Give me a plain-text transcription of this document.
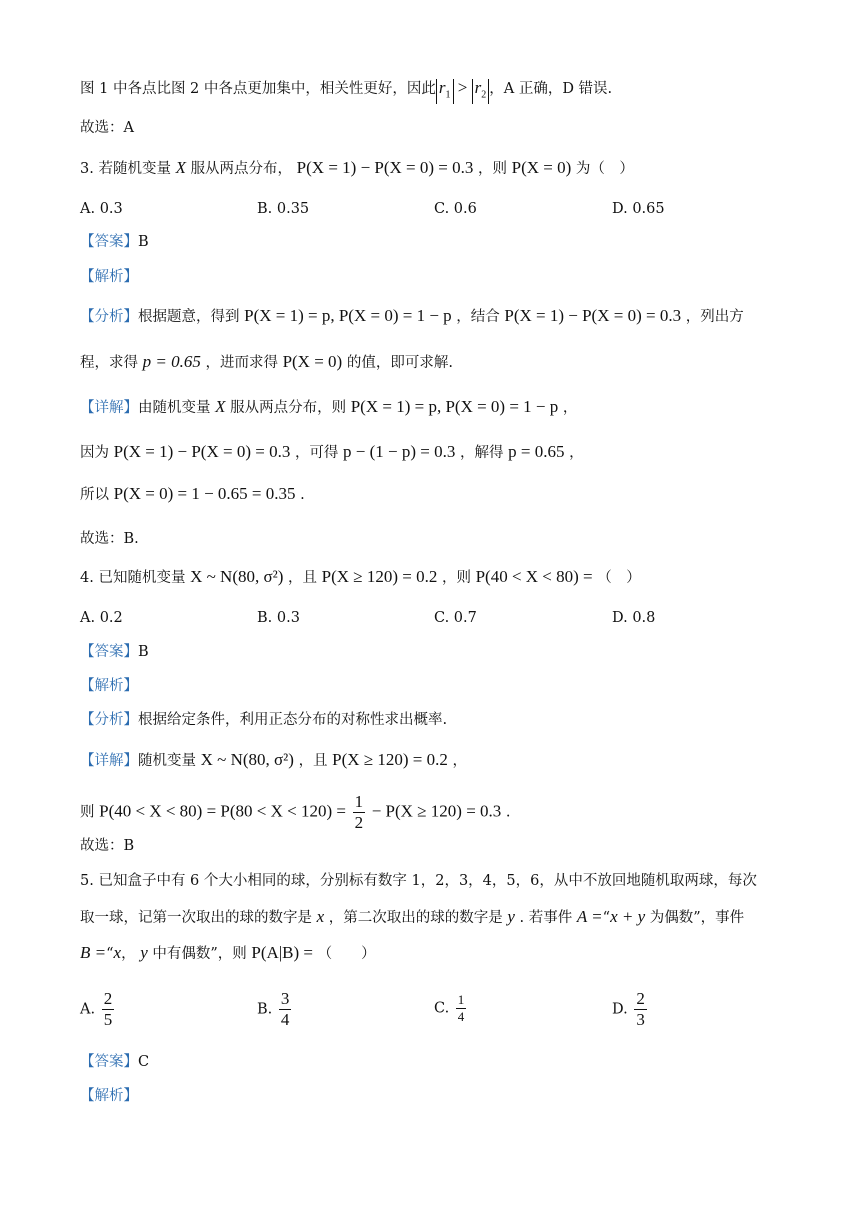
图 1 中各点比图 2 中各点更加集中，相关性更好，因此 $r_1 > r_2$ ，A 正确，D 错误.
故选：A
3. 若随机变量 X 服从两点分布， P(X = 1) − P(X = 0) = 0.3 ，则 P(X = 0) 为（　）
A. 0.3	B. 0.35	C. 0.6	D. 0.65
【答案】B
【解析】
【分析】根据题意，得到 P(X = 1) = p, P(X = 0) = 1 − p ，结合 P(X = 1) − P(X = 0) = 0.3 ，列出方
程，求得 p = 0.65 ，进而求得 P(X = 0) 的值，即可求解.
【详解】由随机变量 X 服从两点分布，则 P(X = 1) = p, P(X = 0) = 1 − p ，
因为 P(X = 1) − P(X = 0) = 0.3 ，可得 p − (1 − p) = 0.3 ，解得 p = 0.65 ，
所以 P(X = 0) = 1 − 0.65 = 0.35 .
故选：B.
4. 已知随机变量 X ~ N(80, σ²) ，且 P(X ≥ 120) = 0.2 ，则 P(40 < X < 80) = （　）
A. 0.2	B. 0.3	C. 0.7	D. 0.8
【答案】B
【解析】
【分析】根据给定条件，利用正态分布的对称性求出概率.
【详解】随机变量 X ~ N(80, σ²) ，且 P(X ≥ 120) = 0.2 ，
则 $P(40 < X < 80) = P(80 < X < 120) = \frac{1}{2} - P(X \ge 120) = 0.3$ .
故选：B
5. 已知盒子中有 6 个大小相同的球，分别标有数字 1，2，3，4，5，6，从中不放回地随机取两球，每次
取一球，记第一次取出的球的数字是 x ，第二次取出的球的数字是 y . 若事件 A =“x + y 为偶数”，事件
B =“x， y 中有偶数”，则 P(A|B) = （　　）
A. $\frac{2}{5}$	B. $\frac{3}{4}$	C. $\frac{1}{4}$	D. $\frac{2}{3}$
【答案】C
【解析】
